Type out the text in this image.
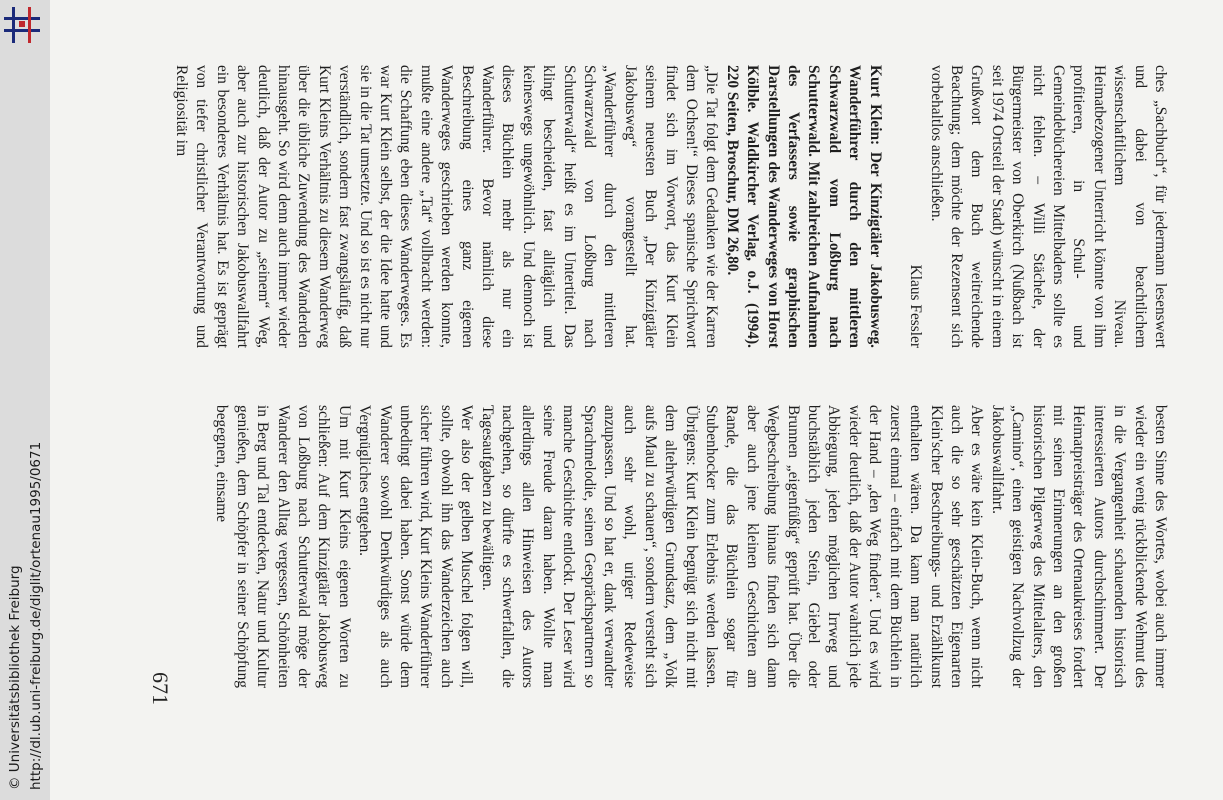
http://dl.ub.uni-freiburg.de/diglit/ortenau1995/0671
© Universitätsbibliothek Freiburg	671

ches „Sachbuch“, für jedermann lesenswert und dabei von beachtlichem wissenschaftlichem Niveau. Heimatbezogener Unterricht könnte von ihm profitieren, in Schul- und Gemeindebüchereien Mittelbadens sollte es nicht fehlen. – Willi Stächele, der Bürgermeister von Oberkirch (Nußbach ist seit 1974 Ortsteil der Stadt) wünscht in einem Grußwort dem Buch weitreichende Beachtung; dem möchte der Rezensent sich vorbehaltlos anschließen.

Klaus Fessler

Kurt Klein: Der Kinzigtäler Jakobusweg. Wanderführer durch den mittleren Schwarzwald vom Loßburg nach Schutterwald. Mit zahlreichen Aufnahmen des Verfassers sowie graphischen Darstellungen des Wanderweges von Horst Kölble. Waldkircher Verlag, o.J. (1994). 220 Seiten, Broschur, DM 26,80.

„Die Tat folgt dem Gedanken wie der Karren dem Ochsen!“ Dieses spanische Sprichwort findet sich im Vorwort, das Kurt Klein seinem neuesten Buch „Der Kinzigtäler Jakobusweg“ vorangestellt hat. „Wanderführer durch den mittleren Schwarzwald von Loßburg nach Schutterwald“ heißt es im Untertitel. Das klingt bescheiden, fast alltäglich und keineswegs ungewöhnlich. Und dennoch ist dieses Büchlein mehr als nur ein Wanderführer. Bevor nämlich diese Beschreibung eines ganz eigenen Wanderweges geschrieben werden konnte, mußte eine andere „Tat“ vollbracht werden: die Schaffung eben dieses Wanderweges. Es war Kurt Klein selbst, der die Idee hatte und sie in die Tat umsetzte. Und so ist es nicht nur verständlich, sondern fast zwangsläufig, daß Kurt Kleins Verhältnis zu diesem Wanderweg über die übliche Zuwendung des Wanderden hinausgeht. So wird denn auch immer wieder deutlich, daß der Autor zu „seinem“ Weg, aber auch zur historischen Jakobuswallfahrt ein besonderes Verhältnis hat. Es ist geprägt von tiefer christlicher Verantwortung und Religiosität im

besten Sinne des Wortes, wobei auch immer wieder ein wenig rückblickende Wehmut des in die Vergangenheit schauenden historisch interessierten Autors durchschimmert. Der Heimatpreisträger des Ortenaukreises fordert mit seinen Erinnerungen an den großen historischen Pilgerweg des Mittelalters, den „Camino“, einen geistigen Nachvollzug der Jakobuswallfahrt.

Aber es wäre kein Klein-Buch, wenn nicht auch die so sehr geschätzten Eigenarten Klein'scher Beschreibungs- und Erzählkunst enthalten wären. Da kann man natürlich zuerst einmal – einfach mit dem Büchlein in der Hand – „den Weg finden“. Und es wird wieder deutlich, daß der Autor wahrlich jede Abbiegung, jeden möglichen Irrweg und buchstäblich jeden Stein, Giebel oder Brunnen „eigenfüßig“ geprüft hat. Über die Wegbeschreibung hinaus finden sich dann aber auch jene kleinen Geschichten am Rande, die das Büchlein sogar für Stubenhocker zum Erlebnis werden lassen. Übrigens: Kurt Klein begnügt sich nicht mit dem altehrwürdigen Grundsatz, dem „Volk aufs Maul zu schauen“, sondern versteht sich auch sehr wohl, uriger Redeweise anzupassen. Und so hat er, dank verwandter Sprachmelodie, seinen Gesprächspartnern so manche Geschichte entlockt. Der Leser wird seine Freude daran haben. Wollte man allerdings allen Hinweisen des Autors nachgehen, so dürfte es schwerfallen, die Tagesaufgaben zu bewältigen.

Wer also der gelben Muschel folgen will, sollte, obwohl ihn das Wanderzeichen auch sicher führen wird, Kurt Kleins Wanderführer unbedingt dabei haben. Sonst würde dem Wanderer sowohl Denkwürdiges als auch Vergnügliches entgehen.

Um mit Kurt Kleins eigenen Worten zu schließen: Auf dem Kinzigtäler Jakobusweg von Loßburg nach Schutterwald möge der Wanderer den Alltag vergessen, Schönheiten in Berg und Tal entdecken, Natur und Kultur genießen, dem Schöpfer in seiner Schöpfung begegnen, einsame
